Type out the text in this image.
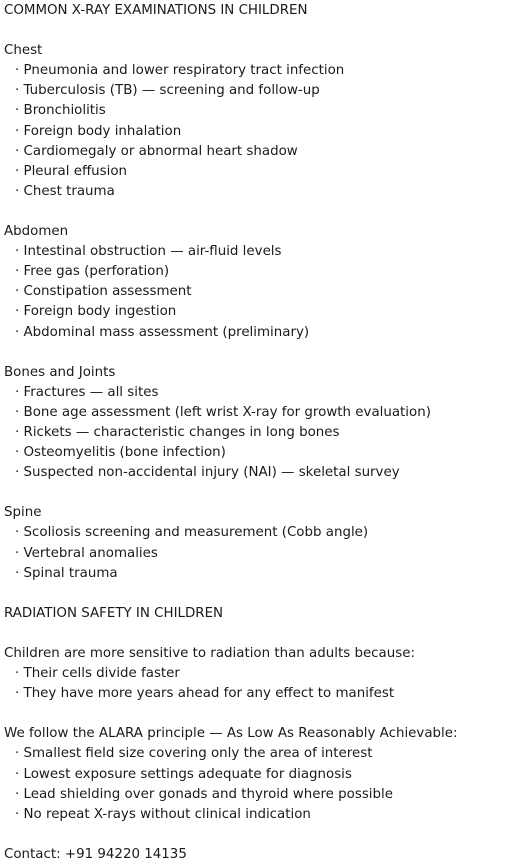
COMMON X-RAY EXAMINATIONS IN CHILDREN
Chest
· Pneumonia and lower respiratory tract infection
· Tuberculosis (TB) — screening and follow-up
· Bronchiolitis
· Foreign body inhalation
· Cardiomegaly or abnormal heart shadow
· Pleural effusion
· Chest trauma
Abdomen
· Intestinal obstruction — air-fluid levels
· Free gas (perforation)
· Constipation assessment
· Foreign body ingestion
· Abdominal mass assessment (preliminary)
Bones and Joints
· Fractures — all sites
· Bone age assessment (left wrist X-ray for growth evaluation)
· Rickets — characteristic changes in long bones
· Osteomyelitis (bone infection)
· Suspected non-accidental injury (NAI) — skeletal survey
Spine
· Scoliosis screening and measurement (Cobb angle)
· Vertebral anomalies
· Spinal trauma
RADIATION SAFETY IN CHILDREN
Children are more sensitive to radiation than adults because:
· Their cells divide faster
· They have more years ahead for any effect to manifest
We follow the ALARA principle — As Low As Reasonably Achievable:
· Smallest field size covering only the area of interest
· Lowest exposure settings adequate for diagnosis
· Lead shielding over gonads and thyroid where possible
· No repeat X-rays without clinical indication
Contact: +91 94220 14135
